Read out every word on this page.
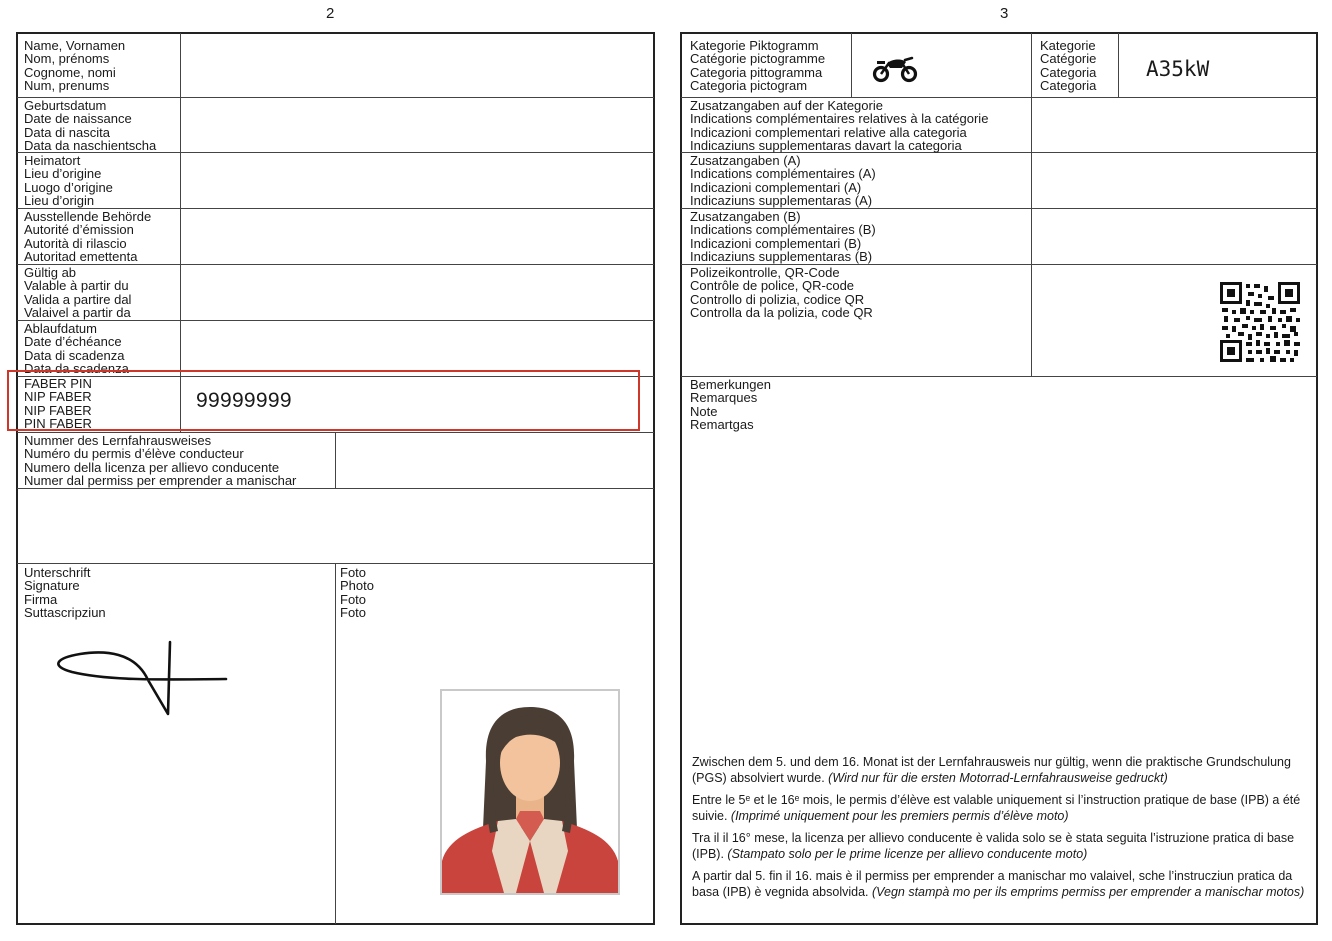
2	3
Name, Vornamen
Nom, prénoms
Cognome, nomi
Num, prenums
Geburtsdatum
Date de naissance
Data di nascita
Data da naschientscha
Heimatort
Lieu d’origine
Luogo d’origine
Lieu d’origin
Ausstellende Behörde
Autorité d’émission
Autorità di rilascio
Autoritad emettenta
Gültig ab
Valable à partir du
Valida a partire dal
Valaivel a partir da
Ablaufdatum
Date d’échéance
Data di scadenza
Data da scadenza
FABER PIN
NIP FABER
NIP FABER
PIN FABER
99999999
Nummer des Lernfahrausweises
Numéro du permis d’élève conducteur
Numero della licenza per allievo conducente
Numer dal permiss per emprender a manischar
Unterschrift
Signature
Firma
Suttascripziun
Foto
Photo
Foto
Foto
Kategorie Piktogramm
Catégorie pictogramme
Categoria pittogramma
Categoria pictogram
Kategorie
Catégorie
Categoria
Categoria
A35kW
Zusatzangaben auf der Kategorie
Indications complémentaires relatives à la catégorie
Indicazioni complementari relative alla categoria
Indicaziuns supplementaras davart la categoria
Zusatzangaben (A)
Indications complémentaires (A)
Indicazioni complementari (A)
Indicaziuns supplementaras (A)
Zusatzangaben (B)
Indications complémentaires (B)
Indicazioni complementari (B)
Indicaziuns supplementaras (B)
Polizeikontrolle, QR-Code
Contrôle de police, QR-code
Controllo di polizia, codice QR
Controlla da la polizia, code QR
Bemerkungen
Remarques
Note
Remartgas
Zwischen dem 5. und dem 16. Monat ist der Lernfahrausweis nur gültig, wenn die praktische Grundschulung (PGS) absolviert wurde. (Wird nur für die ersten Motorrad-Lernfahrausweise gedruckt)
Entre le 5ᵉ et le 16ᵉ mois, le permis d’élève est valable uniquement si l’instruction pratique de base (IPB) a été suivie. (Imprimé uniquement pour les premiers permis d’élève moto)
Tra il il 16° mese, la licenza per allievo conducente è valida solo se è stata seguita l’istruzione pratica di base (IPB). (Stampato solo per le prime licenze per allievo conducente moto)
A partir dal 5. fin il 16. mais è il permiss per emprender a manischar mo valaivel, sche l’instrucziun pratica da basa (IPB) è vegnida absolvida. (Vegn stampà mo per ils emprims permiss per emprender a manischar motos)
